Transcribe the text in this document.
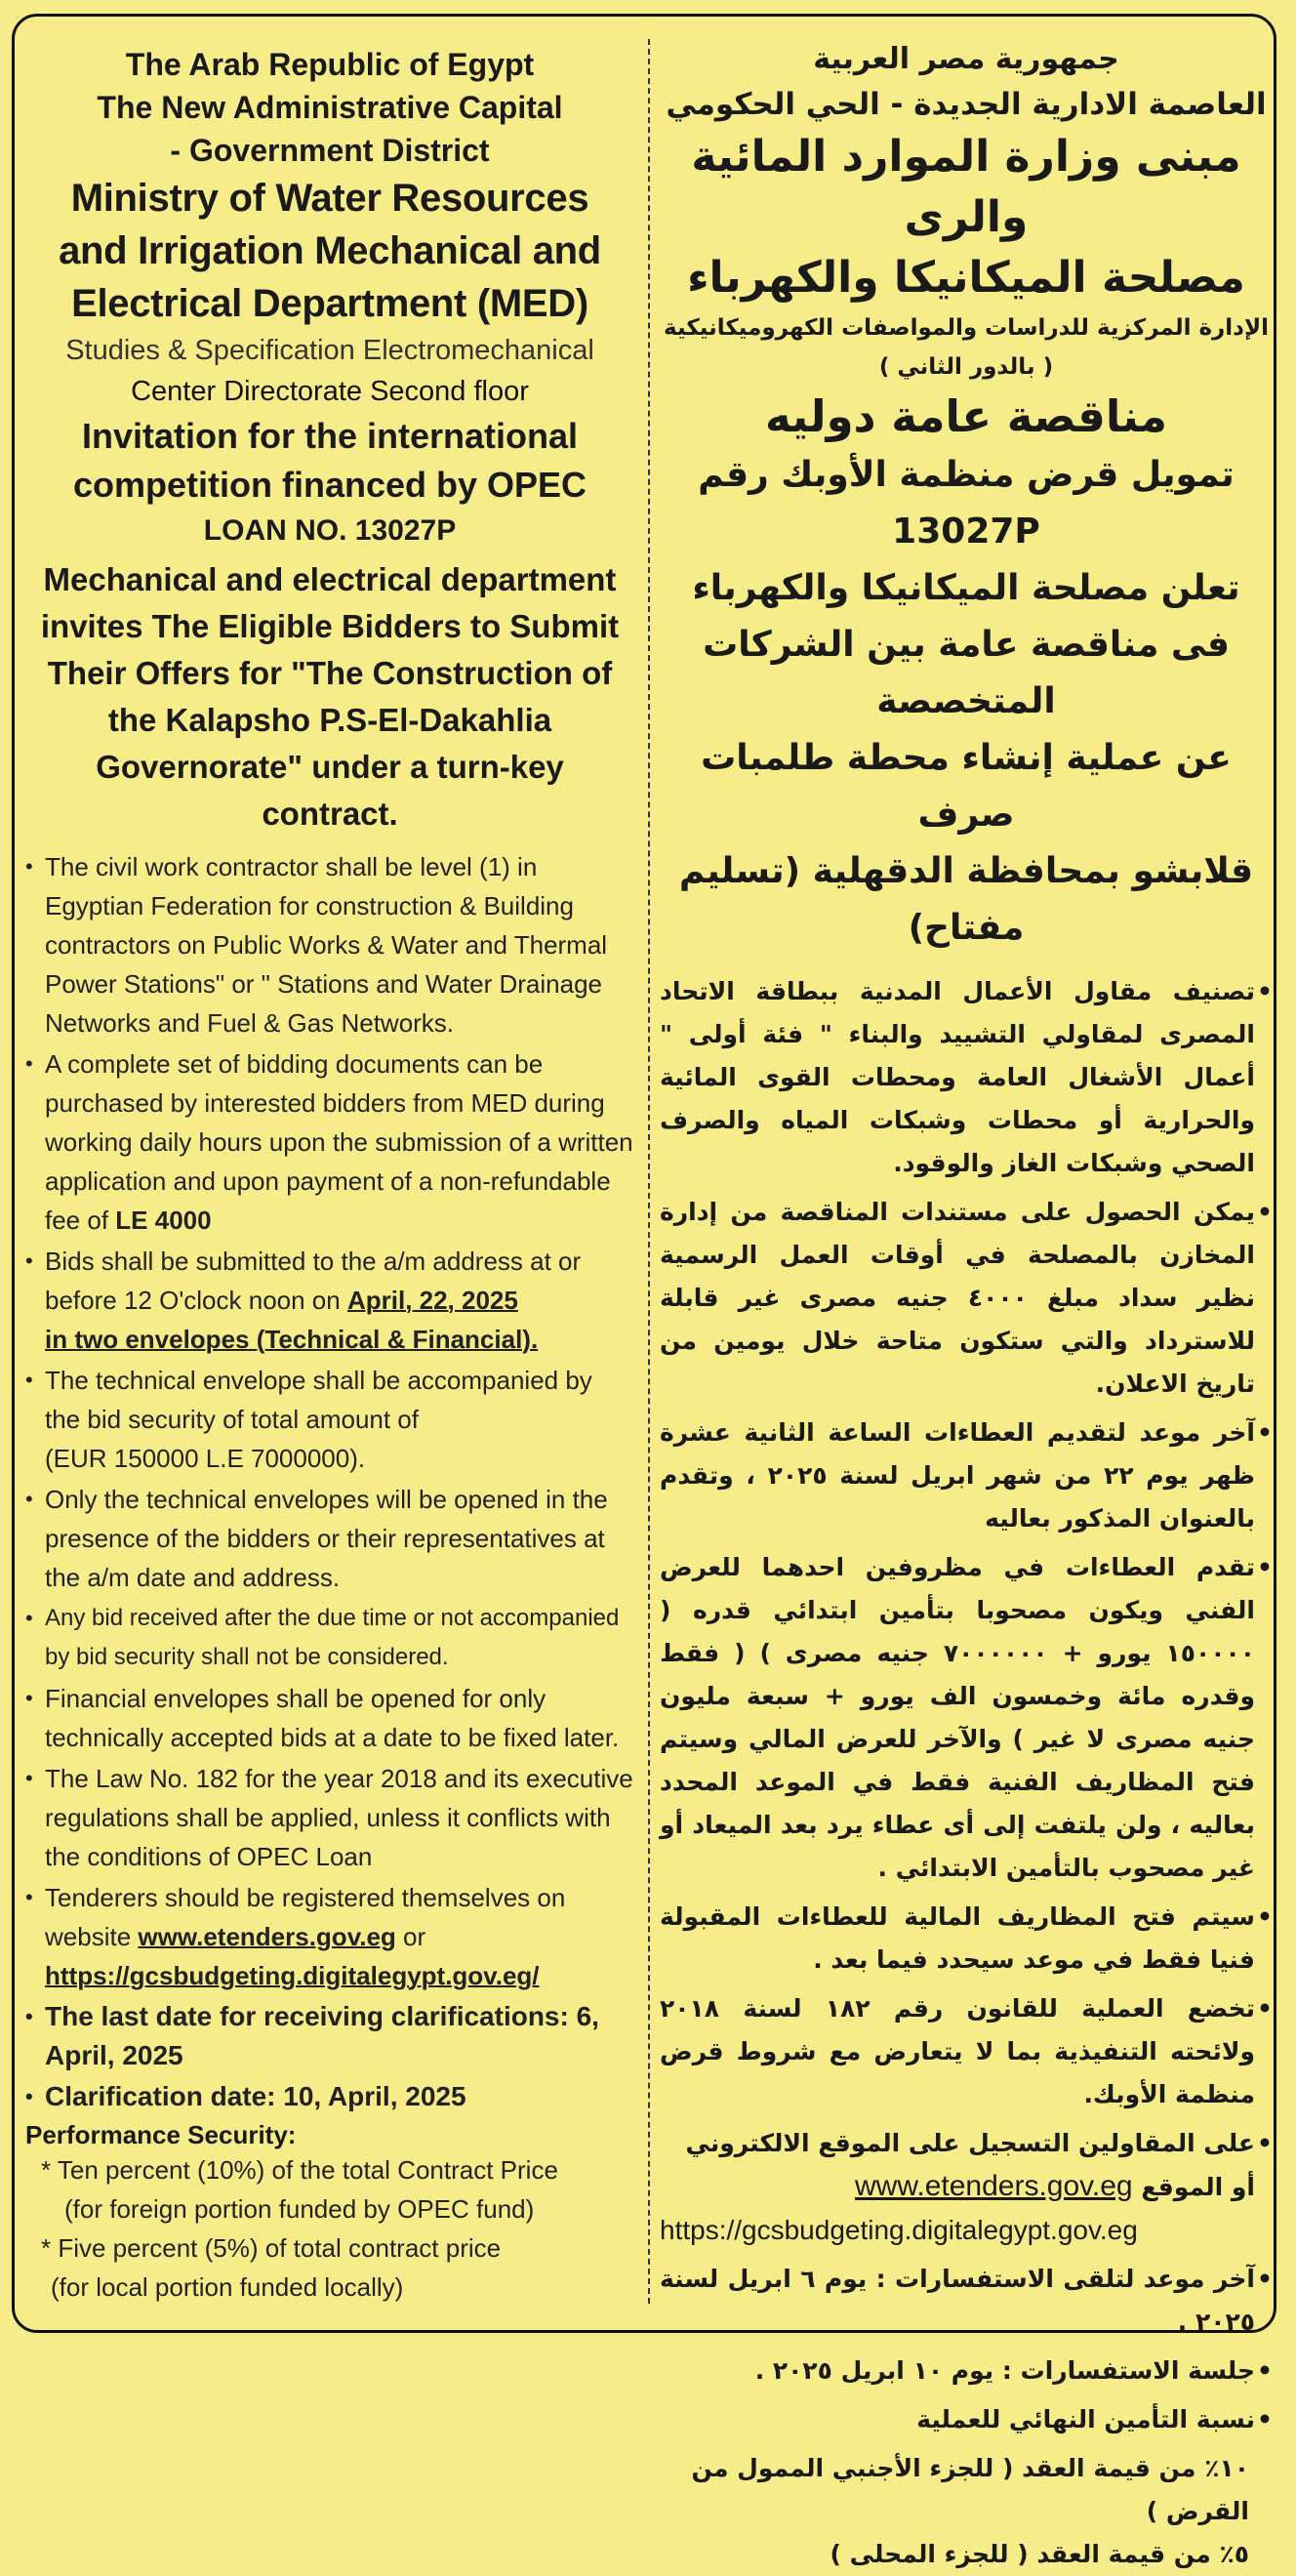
The Arab Republic of Egypt
The New Administrative Capital
- Government District
Ministry of Water Resources
and Irrigation Mechanical and
Electrical Department (MED)
Studies & Specification Electromechanical
Center Directorate Second floor
Invitation for the international
competition financed by OPEC
LOAN NO. 13027P
Mechanical and electrical department invites The Eligible Bidders to Submit Their Offers for "The Construction of the Kalapsho P.S-El-Dakahlia Governorate" under a turn-key contract.
• The civil work contractor shall be level (1) in Egyptian Federation for construction & Building contractors on Public Works & Water and Thermal Power Stations" or " Stations and Water Drainage Networks and Fuel & Gas Networks.
• A complete set of bidding documents can be purchased by interested bidders from MED during working daily hours upon the submission of a written application and upon payment of a non-refundable fee of LE 4000
• Bids shall be submitted to the a/m address at or before 12 O'clock noon on April, 22, 2025
in two envelopes (Technical & Financial).
• The technical envelope shall be accompanied by the bid security of total amount of
(EUR 150000 L.E 7000000).
• Only the technical envelopes will be opened in the presence of the bidders or their representatives at the a/m date and address.
• Any bid received after the due time or not accompanied by bid security shall not be considered.
• Financial envelopes shall be opened for only technically accepted bids at a date to be fixed later.
• The Law No. 182 for the year 2018 and its executive regulations shall be applied, unless it conflicts with the conditions of OPEC Loan
• Tenderers should be registered themselves on website www.etenders.gov.eg or
https://gcsbudgeting.digitalegypt.gov.eg/
• The last date for receiving clarifications: 6, April, 2025
• Clarification date: 10, April, 2025
Performance Security:
* Ten percent (10%) of the total Contract Price
(for foreign portion funded by OPEC fund)
* Five percent (5%) of total contract price
(for local portion funded locally)
جمهورية مصر العربية
العاصمة الادارية الجديدة - الحي الحكومي
مبنى وزارة الموارد المائية والرى
مصلحة الميكانيكا والكهرباء
الإدارة المركزية للدراسات والمواصفات الكهروميكانيكية ( بالدور الثاني )
مناقصة عامة دوليه
تمويل قرض منظمة الأوبك رقم 13027P
تعلن مصلحة الميكانيكا والكهرباء
فى مناقصة عامة بين الشركات المتخصصة
عن عملية إنشاء محطة طلمبات صرف
قلابشو بمحافظة الدقهلية (تسليم مفتاح)
• تصنيف مقاول الأعمال المدنية ببطاقة الاتحاد المصرى لمقاولي التشييد والبناء " فئة أولى " أعمال الأشغال العامة ومحطات القوى المائية والحرارية أو محطات وشبكات المياه والصرف الصحي وشبكات الغاز والوقود.
• يمكن الحصول على مستندات المناقصة من إدارة المخازن بالمصلحة في أوقات العمل الرسمية نظير سداد مبلغ ٤٠٠٠ جنيه مصرى غير قابلة للاسترداد والتي ستكون متاحة خلال يومين من تاريخ الاعلان.
• آخر موعد لتقديم العطاءات الساعة الثانية عشرة ظهر يوم ٢٢ من شهر ابريل لسنة ٢٠٢٥ ، وتقدم بالعنوان المذكور بعاليه
• تقدم العطاءات في مظروفين احدهما للعرض الفني ويكون مصحوبا بتأمين ابتدائي قدره ( ١٥٠٠٠٠ يورو + ٧٠٠٠٠٠٠ جنيه مصرى ) ( فقط وقدره مائة وخمسون الف يورو + سبعة مليون جنيه مصرى لا غير ) والآخر للعرض المالي وسيتم فتح المظاريف الفنية فقط في الموعد المحدد بعاليه ، ولن يلتفت إلى أى عطاء يرد بعد الميعاد أو غير مصحوب بالتأمين الابتدائي .
• سيتم فتح المظاريف المالية للعطاءات المقبولة فنيا فقط في موعد سيحدد فيما بعد .
• تخضع العملية للقانون رقم ١٨٢ لسنة ٢٠١٨ ولائحته التنفيذية بما لا يتعارض مع شروط قرض منظمة الأوبك.
• على المقاولين التسجيل على الموقع الالكتروني
أو الموقع www.etenders.gov.eg
https://gcsbudgeting.digitalegypt.gov.eg
• آخر موعد لتلقى الاستفسارات : يوم ٦ ابريل لسنة ٢٠٢٥ .
• جلسة الاستفسارات : يوم ١٠ ابريل ٢٠٢٥ .
• نسبة التأمين النهائي للعملية
١٠٪ من قيمة العقد ( للجزء الأجنبي الممول من القرض )
٥٪ من قيمة العقد ( للجزء المحلى )
